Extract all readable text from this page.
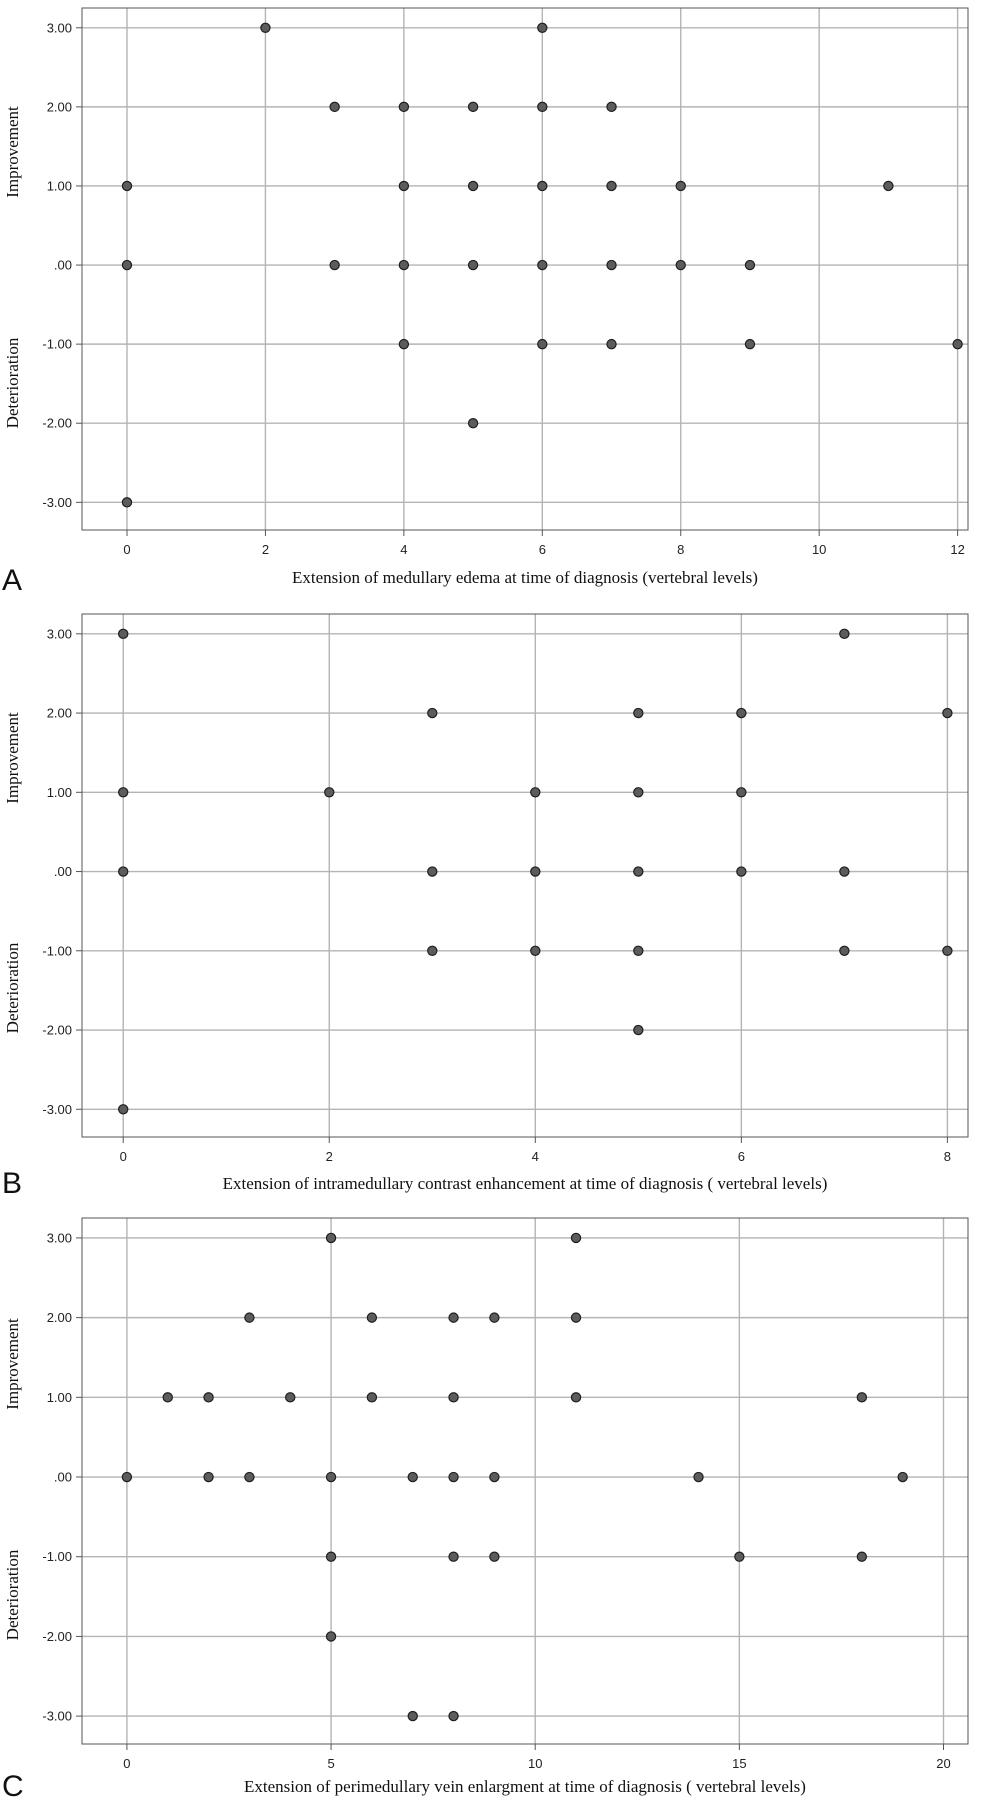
3.00
2.00
1.00
.00
-1.00
-2.00
-3.00
0	2	4	6	8	10	12
Improvement
Deterioration
Extension of medullary edema at time of diagnosis (vertebral levels)
A
3.00
2.00
1.00
.00
-1.00
-2.00
-3.00
0	2	4	6	8
Improvement
Deterioration
Extension of intramedullary contrast enhancement at time of diagnosis ( vertebral levels)
B
3.00
2.00
1.00
.00
-1.00
-2.00
-3.00
0	5	10	15	20
Improvement
Deterioration
Extension of perimedullary vein enlargment at time of diagnosis ( vertebral levels)
C
